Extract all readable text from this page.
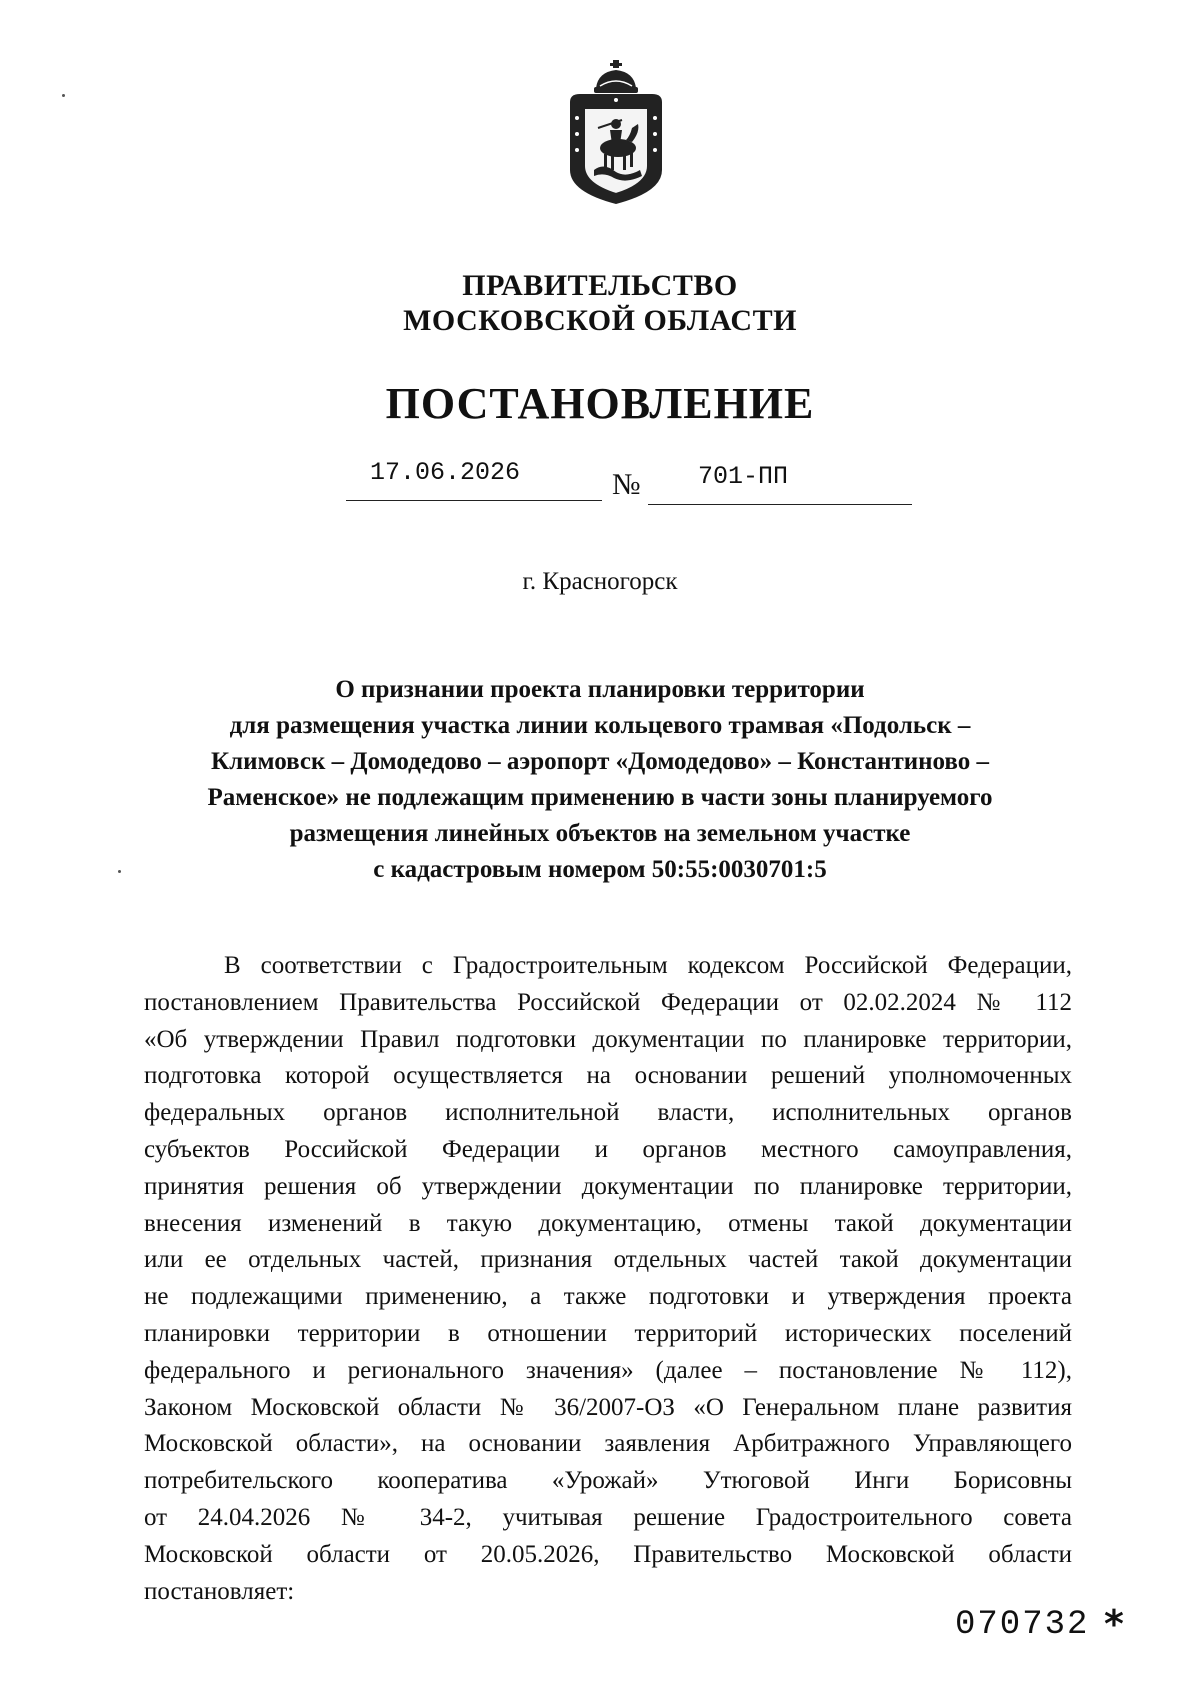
ПРАВИТЕЛЬСТВО
МОСКОВСКОЙ ОБЛАСТИ
ПОСТАНОВЛЕНИЕ
17.06.2026	№ 701-ПП
г. Красногорск
О признании проекта планировки территории
для размещения участка линии кольцевого трамвая «Подольск –
Климовск – Домодедово – аэропорт «Домодедово» – Константиново –
Раменское» не подлежащим применению в части зоны планируемого
размещения линейных объектов на земельном участке
с кадастровым номером 50:55:0030701:5
В соответствии с Градостроительным кодексом Российской Федерации,
постановлением Правительства Российской Федерации от 02.02.2024 № 112
«Об утверждении Правил подготовки документации по планировке территории,
подготовка которой осуществляется на основании решений уполномоченных
федеральных органов исполнительной власти, исполнительных органов
субъектов Российской Федерации и органов местного самоуправления,
принятия решения об утверждении документации по планировке территории,
внесения изменений в такую документацию, отмены такой документации
или ее отдельных частей, признания отдельных частей такой документации
не подлежащими применению, а также подготовки и утверждения проекта
планировки территории в отношении территорий исторических поселений
федерального и регионального значения» (далее – постановление № 112),
Законом Московской области № 36/2007-ОЗ «О Генеральном плане развития
Московской области», на основании заявления Арбитражного Управляющего
потребительского кооператива «Урожай» Утюговой Инги Борисовны
от 24.04.2026 № 34-2, учитывая решение Градостроительного совета
Московской области от 20.05.2026, Правительство Московской области
постановляет:
070732 *
